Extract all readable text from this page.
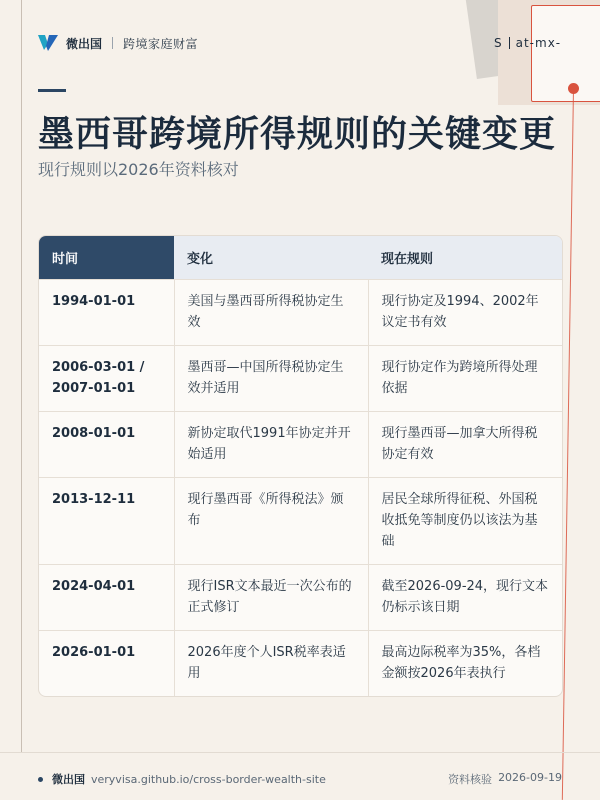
微出国 跨境家庭财富	S at-mx-
墨西哥跨境所得规则的关键变更
现行规则以2026年资料核对
时间	变化	现在规则
1994-01-01	美国与墨西哥所得税协定生效	现行协定及1994、2002年议定书有效
2006-03-01 / 2007-01-01	墨西哥—中国所得税协定生效并适用	现行协定作为跨境所得处理依据
2008-01-01	新协定取代1991年协定并开始适用	现行墨西哥—加拿大所得税协定有效
2013-12-11	现行墨西哥《所得税法》颁布	居民全球所得征税、外国税收抵免等制度仍以该法为基础
2024-04-01	现行ISR文本最近一次公布的正式修订	截至2026-09-24，现行文本仍标示该日期
2026-01-01	2026年度个人ISR税率表适用	最高边际税率为35%，各档金额按2026年表执行
微出国 veryvisa.github.io/cross-border-wealth-site	资料核验 2026-09-19
